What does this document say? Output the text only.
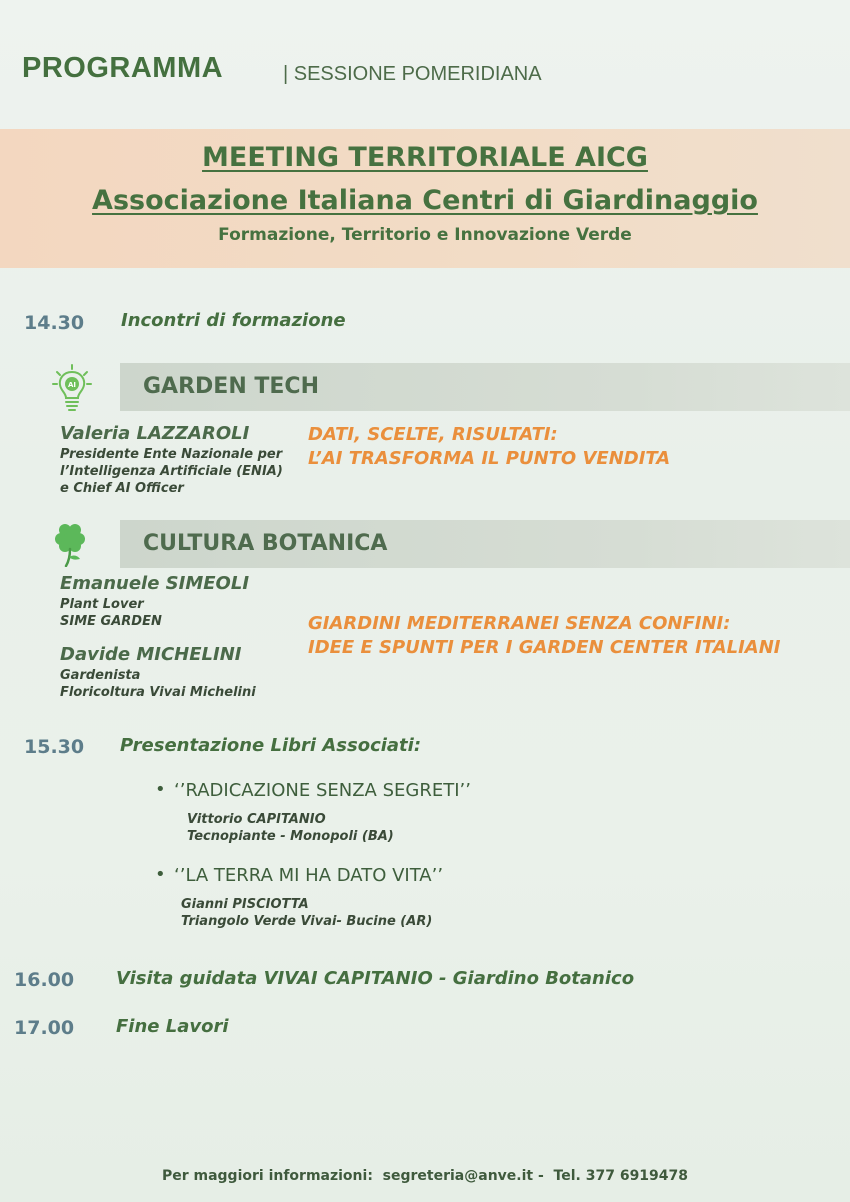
PROGRAMMA	| SESSIONE POMERIDIANA
MEETING TERRITORIALE AICG
Associazione Italiana Centri di Giardinaggio
Formazione, Territorio e Innovazione Verde
14.30 Incontri di formazione
AI	GARDEN TECH
Valeria LAZZAROLI
Presidente Ente Nazionale per
l’Intelligenza Artificiale (ENIA)
e Chief AI Officer
DATI, SCELTE, RISULTATI:
L’AI TRASFORMA IL PUNTO VENDITA
CULTURA BOTANICA
Emanuele SIMEOLI
Plant Lover
SIME GARDEN
Davide MICHELINI
Gardenista
Floricoltura Vivai Michelini
GIARDINI MEDITERRANEI SENZA CONFINI:
IDEE E SPUNTI PER I GARDEN CENTER ITALIANI
15.30 Presentazione Libri Associati:
• ‘’RADICAZIONE SENZA SEGRETI’’
Vittorio CAPITANIO
Tecnopiante - Monopoli (BA)
• ‘’LA TERRA MI HA DATO VITA’’
Gianni PISCIOTTA
Triangolo Verde Vivai- Bucine (AR)
16.00 Visita guidata VIVAI CAPITANIO - Giardino Botanico
17.00 Fine Lavori
Per maggiori informazioni: segreteria@anve.it - Tel. 377 6919478
